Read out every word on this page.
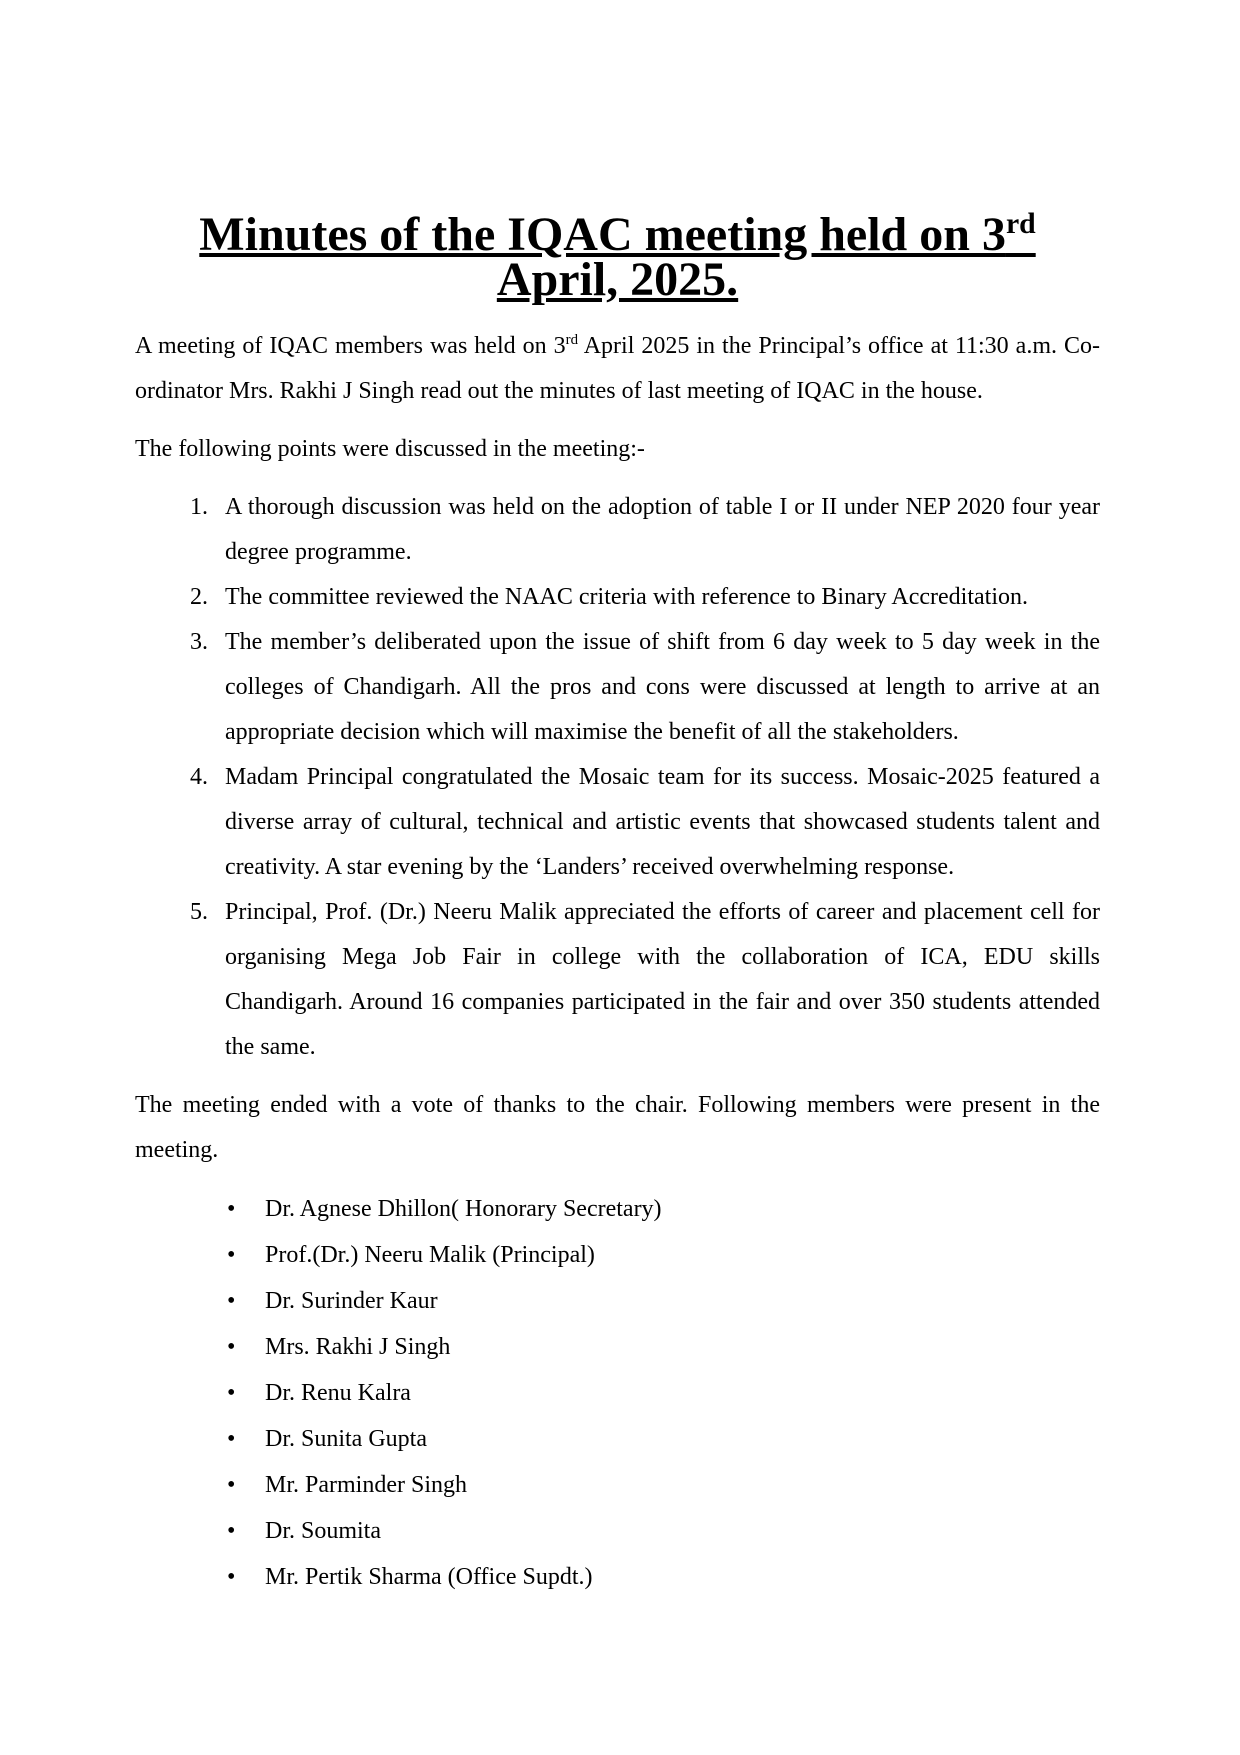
Minutes of the IQAC meeting held on 3rd April, 2025.

A meeting of IQAC members was held on 3rd April 2025 in the Principal’s office at 11:30 a.m. Co-ordinator Mrs. Rakhi J Singh read out the minutes of last meeting of IQAC in the house.

The following points were discussed in the meeting:-

1. A thorough discussion was held on the adoption of table I or II under NEP 2020 four year degree programme.
2. The committee reviewed the NAAC criteria with reference to Binary Accreditation.
3. The member’s deliberated upon the issue of shift from 6 day week to 5 day week in the colleges of Chandigarh. All the pros and cons were discussed at length to arrive at an appropriate decision which will maximise the benefit of all the stakeholders.
4. Madam Principal congratulated the Mosaic team for its success. Mosaic-2025 featured a diverse array of cultural, technical and artistic events that showcased students talent and creativity. A star evening by the ‘Landers’ received overwhelming response.
5. Principal, Prof. (Dr.) Neeru Malik appreciated the efforts of career and placement cell for organising Mega Job Fair in college with the collaboration of ICA, EDU skills Chandigarh. Around 16 companies participated in the fair and over 350 students attended the same.

The meeting ended with a vote of thanks to the chair. Following members were present in the meeting.

• Dr. Agnese Dhillon( Honorary Secretary)
• Prof.(Dr.) Neeru Malik (Principal)
• Dr. Surinder Kaur
• Mrs. Rakhi J Singh
• Dr. Renu Kalra
• Dr. Sunita Gupta
• Mr. Parminder Singh
• Dr. Soumita
• Mr. Pertik Sharma (Office Supdt.)
